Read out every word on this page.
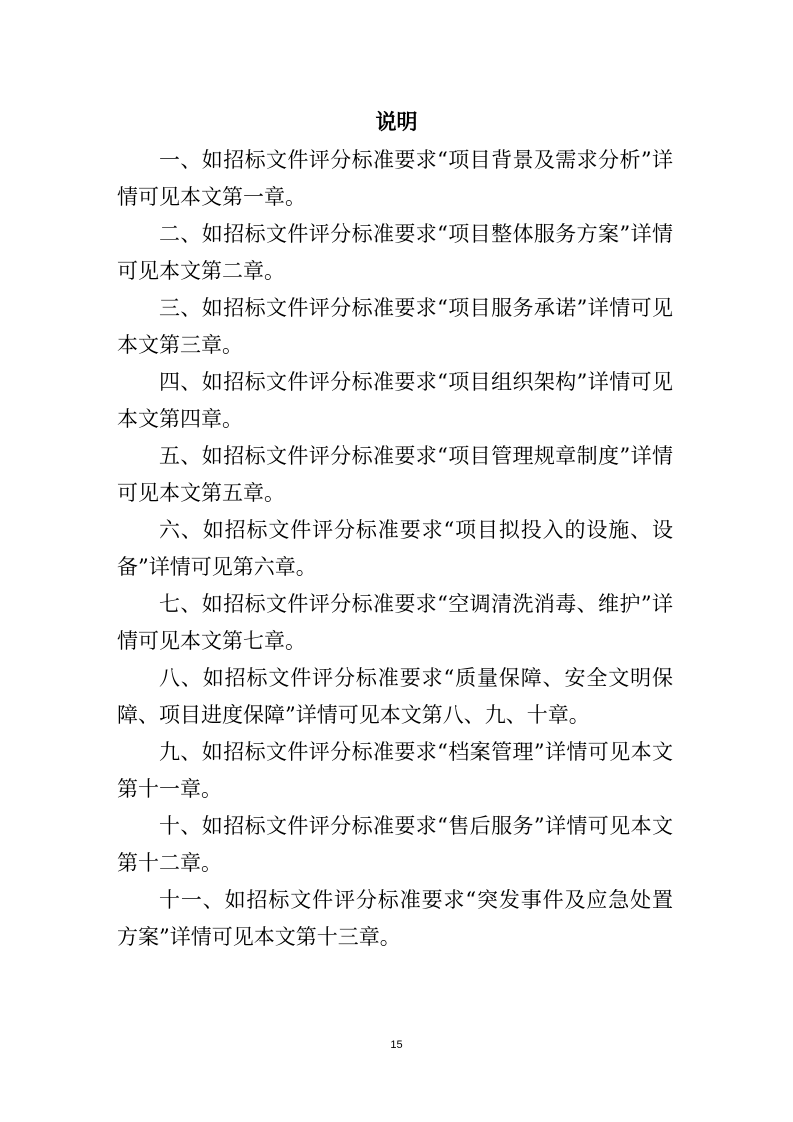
说明

一、如招标文件评分标准要求“项目背景及需求分析”详情可见本文第一章。

二、如招标文件评分标准要求“项目整体服务方案”详情可见本文第二章。

三、如招标文件评分标准要求“项目服务承诺”详情可见本文第三章。

四、如招标文件评分标准要求“项目组织架构”详情可见本文第四章。

五、如招标文件评分标准要求“项目管理规章制度”详情可见本文第五章。

六、如招标文件评分标准要求“项目拟投入的设施、设备”详情可见第六章。

七、如招标文件评分标准要求“空调清洗消毒、维护”详情可见本文第七章。

八、如招标文件评分标准要求“质量保障、安全文明保障、项目进度保障”详情可见本文第八、九、十章。

九、如招标文件评分标准要求“档案管理”详情可见本文第十一章。

十、如招标文件评分标准要求“售后服务”详情可见本文第十二章。

十一、如招标文件评分标准要求“突发事件及应急处置方案”详情可见本文第十三章。

15
